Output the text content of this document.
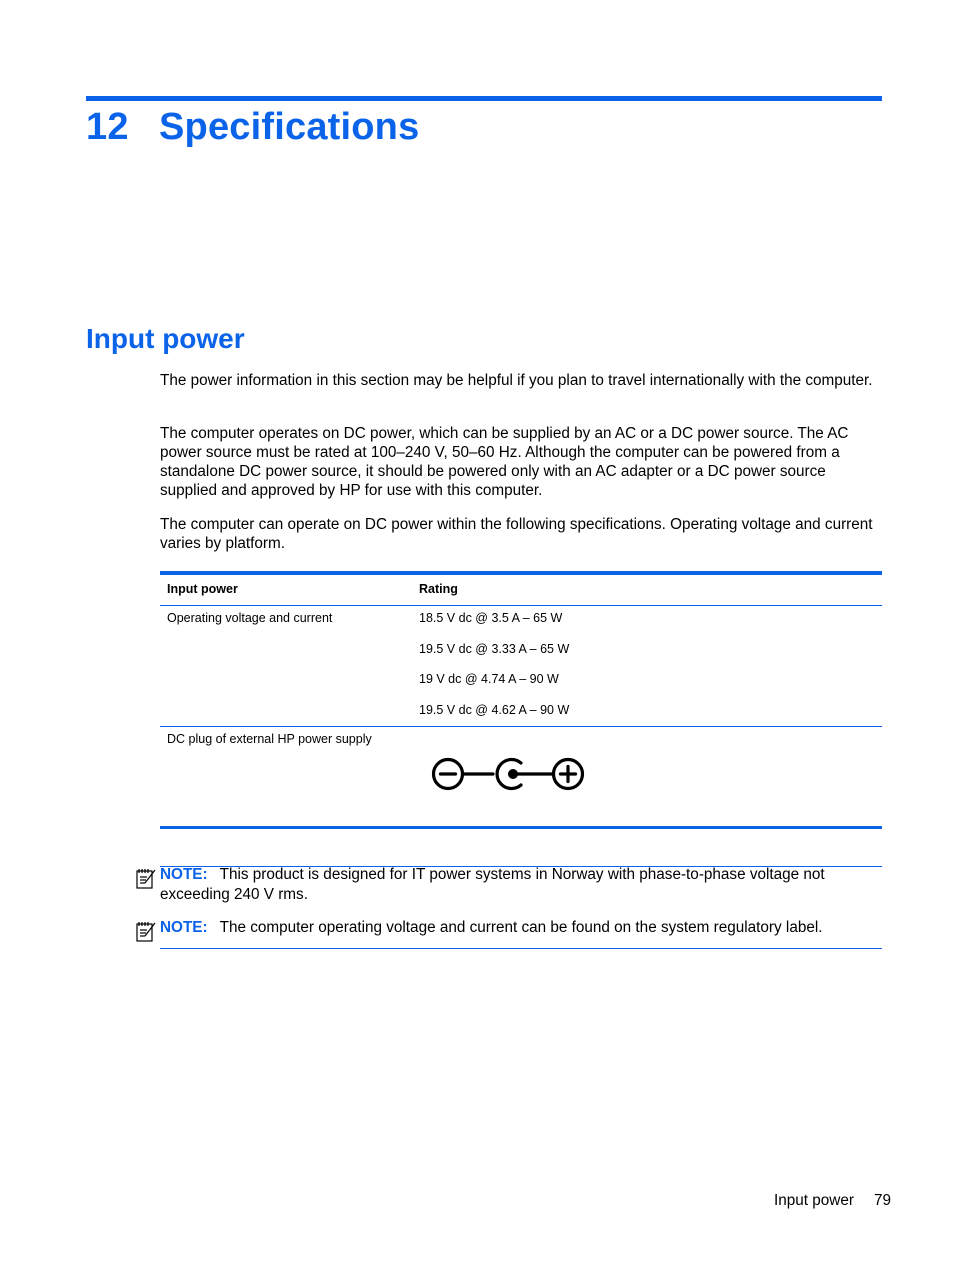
12 Specifications
Input power
The power information in this section may be helpful if you plan to travel internationally with the computer.
The computer operates on DC power, which can be supplied by an AC or a DC power source. The AC power source must be rated at 100–240 V, 50–60 Hz. Although the computer can be powered from a standalone DC power source, it should be powered only with an AC adapter or a DC power source supplied and approved by HP for use with this computer.
The computer can operate on DC power within the following specifications. Operating voltage and current varies by platform.
Input power	Rating
Operating voltage and current	18.5 V dc @ 3.5 A – 65 W
19.5 V dc @ 3.33 A – 65 W
19 V dc @ 4.74 A – 90 W
19.5 V dc @ 4.62 A – 90 W
DC plug of external HP power supply
NOTE: This product is designed for IT power systems in Norway with phase-to-phase voltage not exceeding 240 V rms.
NOTE: The computer operating voltage and current can be found on the system regulatory label.
Input power 79
